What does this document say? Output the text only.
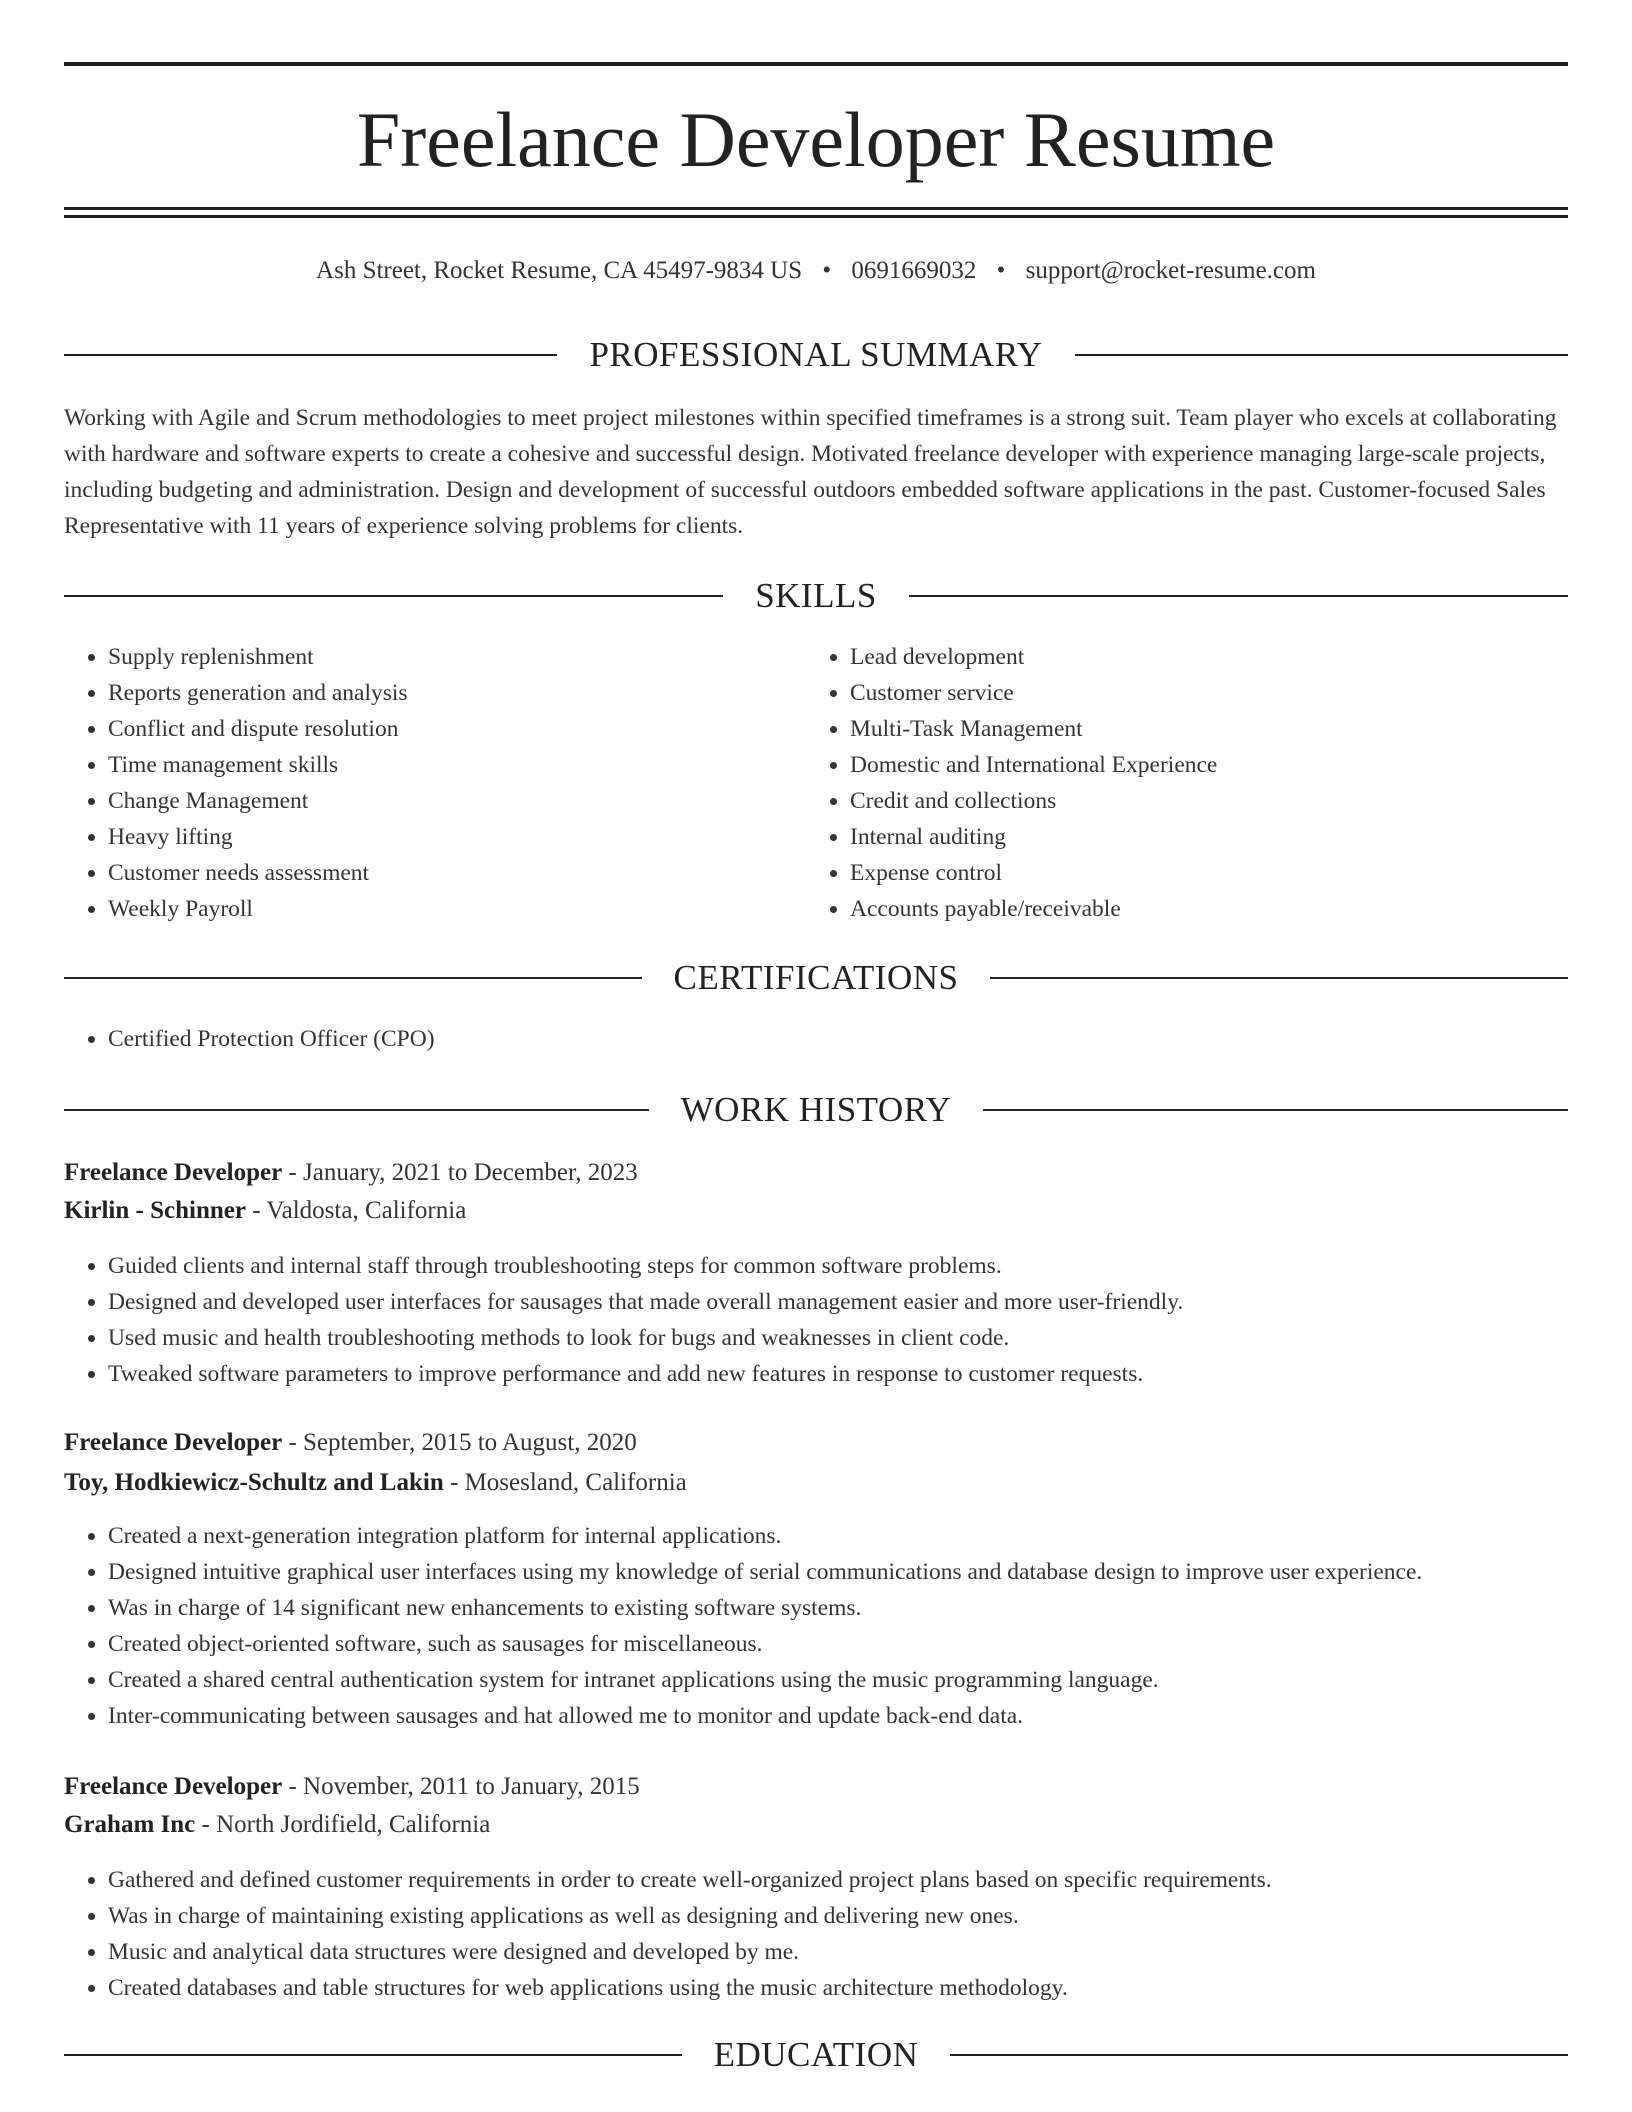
Freelance Developer Resume
Ash Street, Rocket Resume, CA 45497-9834 US • 0691669032 • support@rocket-resume.com
PROFESSIONAL SUMMARY

Working with Agile and Scrum methodologies to meet project milestones within specified timeframes is a strong suit. Team player who excels at collaborating with hardware and software experts to create a cohesive and successful design. Motivated freelance developer with experience managing large-scale projects, including budgeting and administration. Design and development of successful outdoors embedded software applications in the past. Customer-focused Sales Representative with 11 years of experience solving problems for clients.

SKILLS
• Supply replenishment
• Reports generation and analysis
• Conflict and dispute resolution
• Time management skills
• Change Management
• Heavy lifting
• Customer needs assessment
• Weekly Payroll
• Lead development
• Customer service
• Multi-Task Management
• Domestic and International Experience
• Credit and collections
• Internal auditing
• Expense control
• Accounts payable/receivable
CERTIFICATIONS
• Certified Protection Officer (CPO)
WORK HISTORY
Freelance Developer - January, 2021 to December, 2023
Kirlin - Schinner - Valdosta, California
• Guided clients and internal staff through troubleshooting steps for common software problems.
• Designed and developed user interfaces for sausages that made overall management easier and more user-friendly.
• Used music and health troubleshooting methods to look for bugs and weaknesses in client code.
• Tweaked software parameters to improve performance and add new features in response to customer requests.
Freelance Developer - September, 2015 to August, 2020
Toy, Hodkiewicz-Schultz and Lakin - Mosesland, California
• Created a next-generation integration platform for internal applications.
• Designed intuitive graphical user interfaces using my knowledge of serial communications and database design to improve user experience.
• Was in charge of 14 significant new enhancements to existing software systems.
• Created object-oriented software, such as sausages for miscellaneous.
• Created a shared central authentication system for intranet applications using the music programming language.
• Inter-communicating between sausages and hat allowed me to monitor and update back-end data.
Freelance Developer - November, 2011 to January, 2015
Graham Inc - North Jordifield, California
• Gathered and defined customer requirements in order to create well-organized project plans based on specific requirements.
• Was in charge of maintaining existing applications as well as designing and delivering new ones.
• Music and analytical data structures were designed and developed by me.
• Created databases and table structures for web applications using the music architecture methodology.
EDUCATION
